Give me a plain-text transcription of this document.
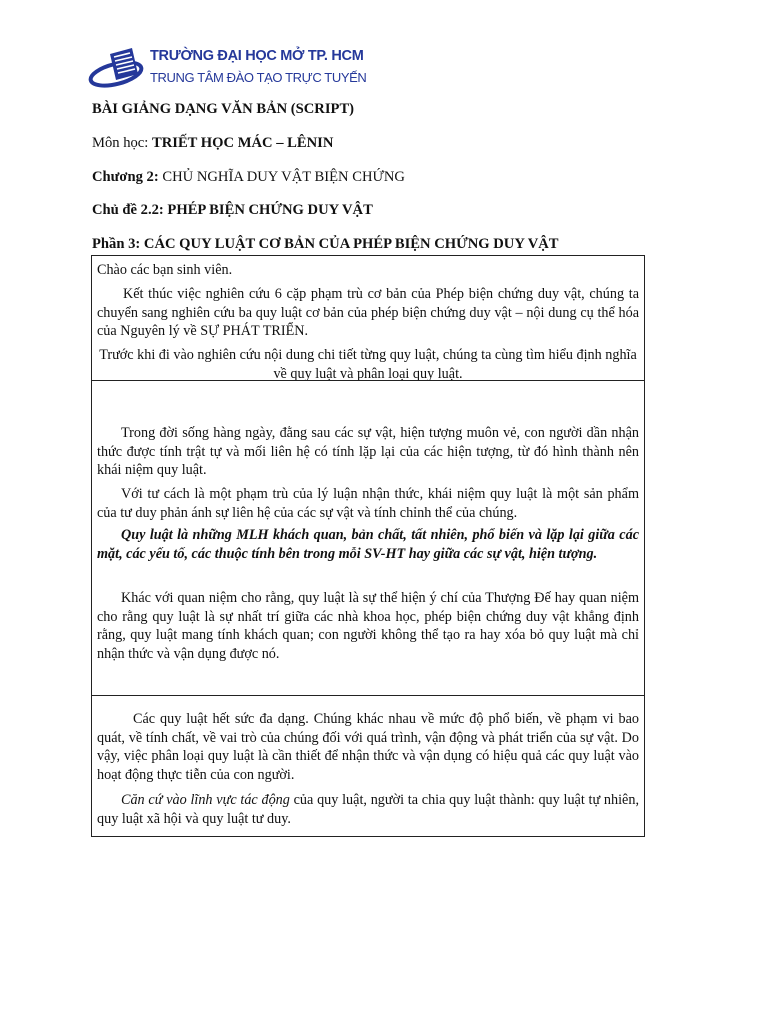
TRƯỜNG ĐẠI HỌC MỞ TP. HCM
TRUNG TÂM ĐÀO TẠO TRỰC TUYẾN
BÀI GIẢNG DẠNG VĂN BẢN (SCRIPT)
Môn học: TRIẾT HỌC MÁC – LÊNIN
Chương 2: CHỦ NGHĨA DUY VẬT BIỆN CHỨNG
Chủ đề 2.2: PHÉP BIỆN CHỨNG DUY VẬT
Phần 3: CÁC QUY LUẬT CƠ BẢN CỦA PHÉP BIỆN CHỨNG DUY VẬT
Chào các bạn sinh viên.
Kết thúc việc nghiên cứu 6 cặp phạm trù cơ bản của Phép biện chứng duy vật, chúng ta chuyển sang nghiên cứu ba quy luật cơ bản của phép biện chứng duy vật – nội dung cụ thể hóa của Nguyên lý về SỰ PHÁT TRIỂN.
Trước khi đi vào nghiên cứu nội dung chi tiết từng quy luật, chúng ta cùng tìm hiểu định nghĩa về quy luật và phân loại quy luật.
Trong đời sống hàng ngày, đằng sau các sự vật, hiện tượng muôn vẻ, con người dần nhận thức được tính trật tự và mối liên hệ có tính lặp lại của các hiện tượng, từ đó hình thành nên khái niệm quy luật.
Với tư cách là một phạm trù của lý luận nhận thức, khái niệm quy luật là một sản phẩm của tư duy phản ánh sự liên hệ của các sự vật và tính chỉnh thể của chúng.
Quy luật là những MLH khách quan, bản chất, tất nhiên, phổ biến và lặp lại giữa các mặt, các yếu tố, các thuộc tính bên trong mỗi SV-HT hay giữa các sự vật, hiện tượng.
Khác với quan niệm cho rằng, quy luật là sự thể hiện ý chí của Thượng Đế hay quan niệm cho rằng quy luật là sự nhất trí giữa các nhà khoa học, phép biện chứng duy vật khẳng định rằng, quy luật mang tính khách quan; con người không thể tạo ra hay xóa bỏ quy luật mà chỉ nhận thức và vận dụng được nó.
Các quy luật hết sức đa dạng. Chúng khác nhau về mức độ phổ biến, về phạm vi bao quát, về tính chất, về vai trò của chúng đối với quá trình, vận động và phát triển của sự vật. Do vậy, việc phân loại quy luật là cần thiết để nhận thức và vận dụng có hiệu quả các quy luật vào hoạt động thực tiễn của con người.
Căn cứ vào lĩnh vực tác động của quy luật, người ta chia quy luật thành: quy luật tự nhiên, quy luật xã hội và quy luật tư duy.
